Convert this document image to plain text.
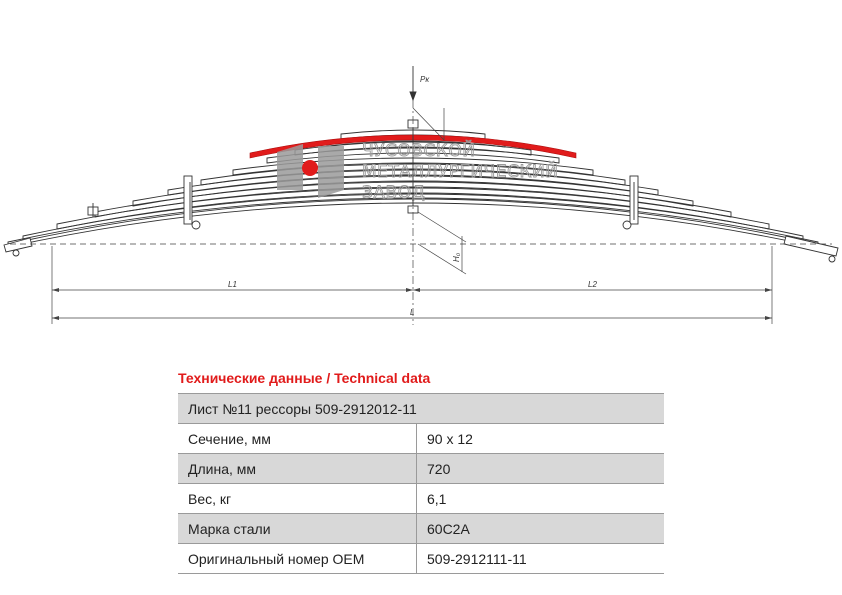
Pк
ЧУСОВСКОЙ
МЕТАЛЛУРГИЧЕСКИЙ
ЗАВОД
L1	L2
L
H₀
Технические данные / Technical data
Лист №11 рессоры 509-2912012-11	
Сечение, мм	90 x 12
Длина, мм	720
Вес, кг	6,1
Марка стали	60С2А
Оригинальный номер OEM	509-2912111-11
